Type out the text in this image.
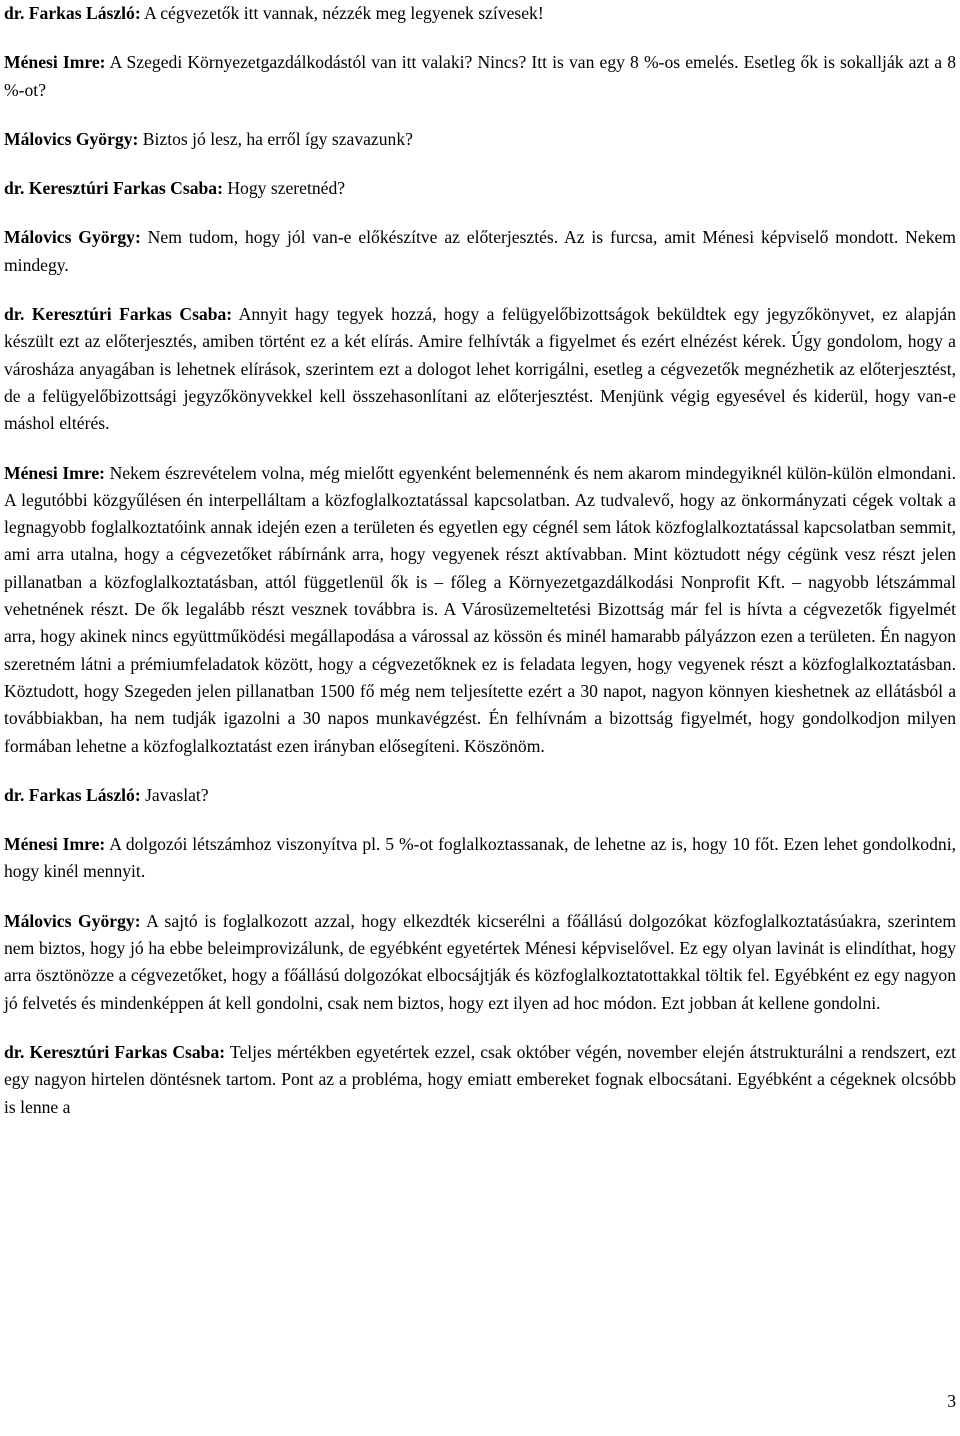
dr. Farkas László: A cégvezetők itt vannak, nézzék meg legyenek szívesek!

Ménesi Imre: A Szegedi Környezetgazdálkodástól van itt valaki? Nincs? Itt is van egy 8 %-os emelés. Esetleg ők is sokallják azt a 8 %-ot?

Málovics György: Biztos jó lesz, ha erről így szavazunk?

dr. Keresztúri Farkas Csaba: Hogy szeretnéd?

Málovics György: Nem tudom, hogy jól van-e előkészítve az előterjesztés. Az is furcsa, amit Ménesi képviselő mondott. Nekem mindegy.

dr. Keresztúri Farkas Csaba: Annyit hagy tegyek hozzá, hogy a felügyelőbizottságok beküldtek egy jegyzőkönyvet, ez alapján készült ezt az előterjesztés, amiben történt ez a két elírás. Amire felhívták a figyelmet és ezért elnézést kérek. Úgy gondolom, hogy a városháza anyagában is lehetnek elírások, szerintem ezt a dologot lehet korrigálni, esetleg a cégvezetők megnézhetik az előterjesztést, de a felügyelőbizottsági jegyzőkönyvekkel kell összehasonlítani az előterjesztést. Menjünk végig egyesével és kiderül, hogy van-e máshol eltérés.

Ménesi Imre: Nekem észrevételem volna, még mielőtt egyenként belemennénk és nem akarom mindegyiknél külön-külön elmondani. A legutóbbi közgyűlésen én interpelláltam a közfoglalkoztatással kapcsolatban. Az tudvalevő, hogy az önkormányzati cégek voltak a legnagyobb foglalkoztatóink annak idején ezen a területen és egyetlen egy cégnél sem látok közfoglalkoztatással kapcsolatban semmit, ami arra utalna, hogy a cégvezetőket rábírnánk arra, hogy vegyenek részt aktívabban. Mint köztudott négy cégünk vesz részt jelen pillanatban a közfoglalkoztatásban, attól függetlenül ők is – főleg a Környezetgazdálkodási Nonprofit Kft. – nagyobb létszámmal vehetnének részt. De ők legalább részt vesznek továbbra is. A Városüzemeltetési Bizottság már fel is hívta a cégvezetők figyelmét arra, hogy akinek nincs együttműködési megállapodása a várossal az kössön és minél hamarabb pályázzon ezen a területen. Én nagyon szeretném látni a prémiumfeladatok között, hogy a cégvezetőknek ez is feladata legyen, hogy vegyenek részt a közfoglalkoztatásban. Köztudott, hogy Szegeden jelen pillanatban 1500 fő még nem teljesítette ezért a 30 napot, nagyon könnyen kieshetnek az ellátásból a továbbiakban, ha nem tudják igazolni a 30 napos munkavégzést. Én felhívnám a bizottság figyelmét, hogy gondolkodjon milyen formában lehetne a közfoglalkoztatást ezen irányban elősegíteni. Köszönöm.

dr. Farkas László: Javaslat?

Ménesi Imre: A dolgozói létszámhoz viszonyítva pl. 5 %-ot foglalkoztassanak, de lehetne az is, hogy 10 főt. Ezen lehet gondolkodni, hogy kinél mennyit.

Málovics György: A sajtó is foglalkozott azzal, hogy elkezdték kicserélni a főállású dolgozókat közfoglalkoztatásúakra, szerintem nem biztos, hogy jó ha ebbe beleimprovizálunk, de egyébként egyetértek Ménesi képviselővel. Ez egy olyan lavinát is elindíthat, hogy arra ösztönözze a cégvezetőket, hogy a főállású dolgozókat elbocsájtják és közfoglalkoztatottakkal töltik fel. Egyébként ez egy nagyon jó felvetés és mindenképpen át kell gondolni, csak nem biztos, hogy ezt ilyen ad hoc módon. Ezt jobban át kellene gondolni.

dr. Keresztúri Farkas Csaba: Teljes mértékben egyetértek ezzel, csak október végén, november elején átstrukturálni a rendszert, ezt egy nagyon hirtelen döntésnek tartom. Pont az a probléma, hogy emiatt embereket fognak elbocsátani. Egyébként a cégeknek olcsóbb is lenne a

3
